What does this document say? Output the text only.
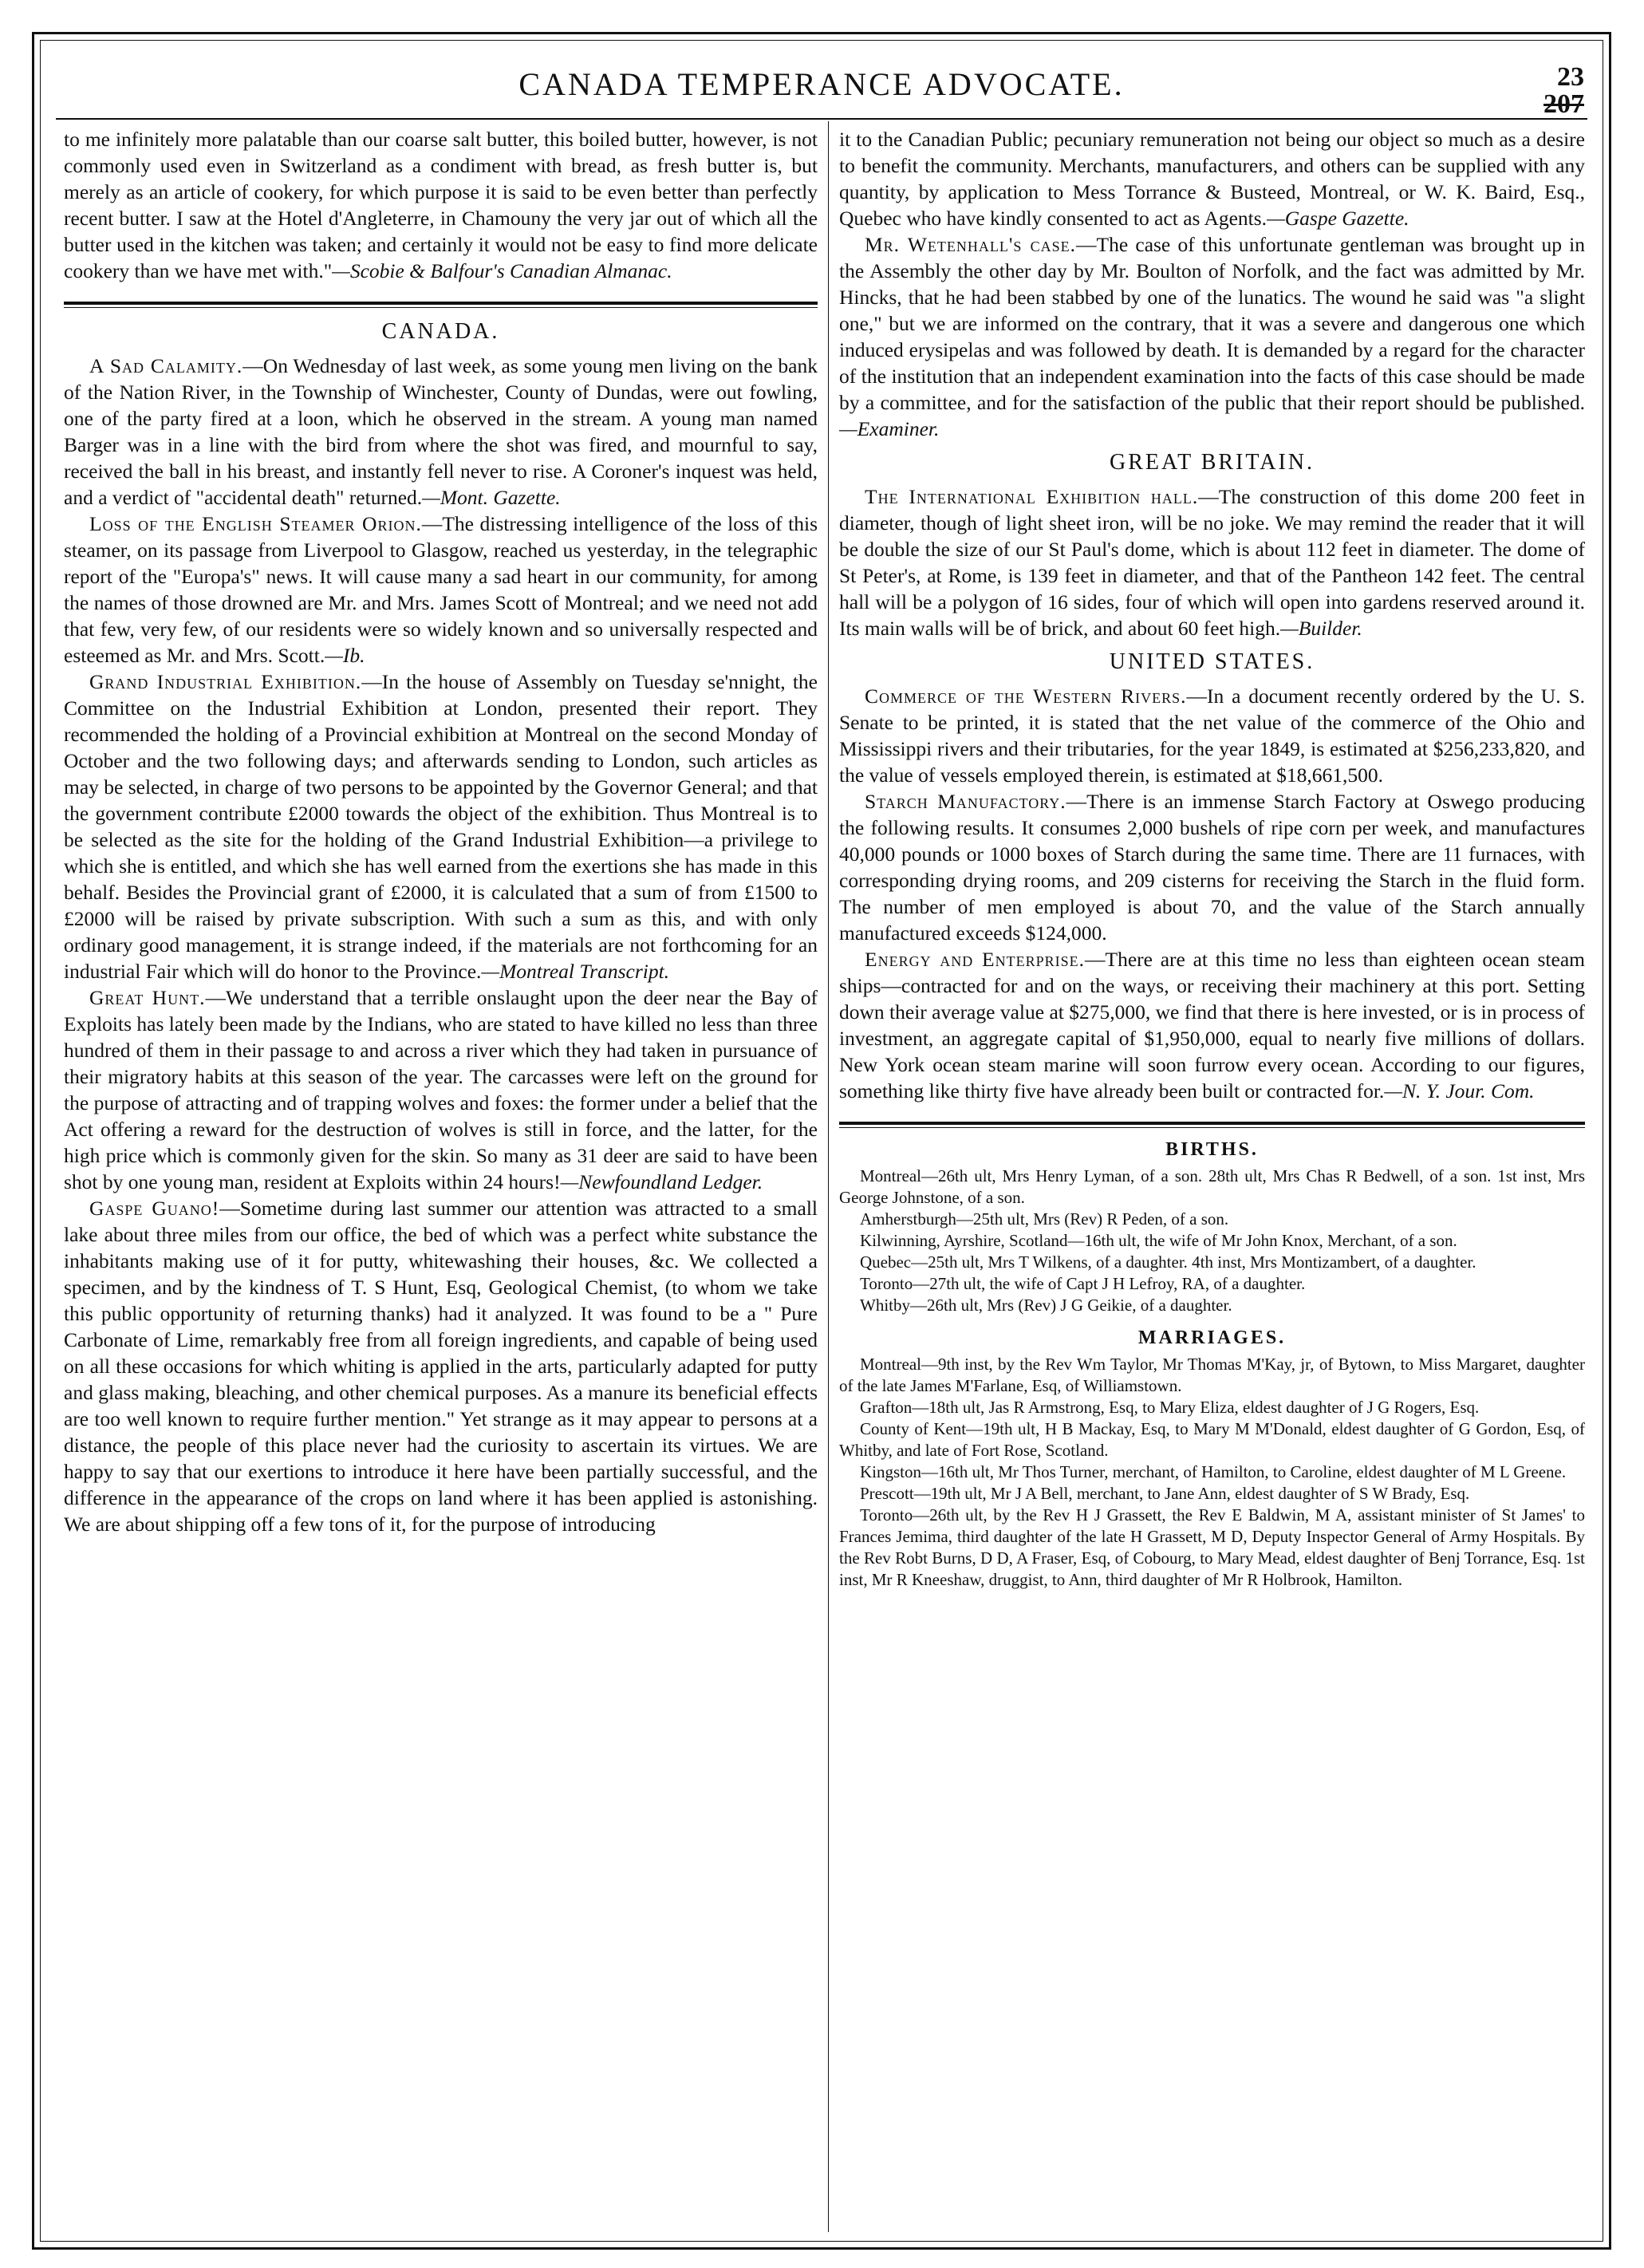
CANADA TEMPERANCE ADVOCATE.	23
207

to me infinitely more palatable than our coarse salt butter, this boiled butter, however, is not commonly used even in Switzerland as a condiment with bread, as fresh butter is, but merely as an article of cookery, for which purpose it is said to be even better than perfectly recent butter. I saw at the Hotel d'Angleterre, in Chamouny the very jar out of which all the butter used in the kitchen was taken; and certainly it would not be easy to find more delicate cookery than we have met with."—Scobie & Balfour's Canadian Almanac.

CANADA.

A Sad Calamity.—On Wednesday of last week, as some young men living on the bank of the Nation River, in the Township of Winchester, County of Dundas, were out fowling, one of the party fired at a loon, which he observed in the stream. A young man named Barger was in a line with the bird from where the shot was fired, and mournful to say, received the ball in his breast, and instantly fell never to rise. A Coroner's inquest was held, and a verdict of "accidental death" returned.—Mont. Gazette.

Loss of the English Steamer Orion.—The distressing intelligence of the loss of this steamer, on its passage from Liverpool to Glasgow, reached us yesterday, in the telegraphic report of the "Europa's" news. It will cause many a sad heart in our community, for among the names of those drowned are Mr. and Mrs. James Scott of Montreal; and we need not add that few, very few, of our residents were so widely known and so universally respected and esteemed as Mr. and Mrs. Scott.—Ib.

Grand Industrial Exhibition.—In the house of Assembly on Tuesday se'nnight, the Committee on the Industrial Exhibition at London, presented their report. They recommended the holding of a Provincial exhibition at Montreal on the second Monday of October and the two following days; and afterwards sending to London, such articles as may be selected, in charge of two persons to be appointed by the Governor General; and that the government contribute £2000 towards the object of the exhibition. Thus Montreal is to be selected as the site for the holding of the Grand Industrial Exhibition—a privilege to which she is entitled, and which she has well earned from the exertions she has made in this behalf. Besides the Provincial grant of £2000, it is calculated that a sum of from £1500 to £2000 will be raised by private subscription. With such a sum as this, and with only ordinary good management, it is strange indeed, if the materials are not forthcoming for an industrial Fair which will do honor to the Province.—Montreal Transcript.

Great Hunt.—We understand that a terrible onslaught upon the deer near the Bay of Exploits has lately been made by the Indians, who are stated to have killed no less than three hundred of them in their passage to and across a river which they had taken in pursuance of their migratory habits at this season of the year. The carcasses were left on the ground for the purpose of attracting and of trapping wolves and foxes: the former under a belief that the Act offering a reward for the destruction of wolves is still in force, and the latter, for the high price which is commonly given for the skin. So many as 31 deer are said to have been shot by one young man, resident at Exploits within 24 hours!—Newfoundland Ledger.

Gaspe Guano!—Sometime during last summer our attention was attracted to a small lake about three miles from our office, the bed of which was a perfect white substance the inhabitants making use of it for putty, whitewashing their houses, &c. We collected a specimen, and by the kindness of T. S Hunt, Esq, Geological Chemist, (to whom we take this public opportunity of returning thanks) had it analyzed. It was found to be a " Pure Carbonate of Lime, remarkably free from all foreign ingredients, and capable of being used on all these occasions for which whiting is applied in the arts, particularly adapted for putty and glass making, bleaching, and other chemical purposes. As a manure its beneficial effects are too well known to require further mention." Yet strange as it may appear to persons at a distance, the people of this place never had the curiosity to ascertain its virtues. We are happy to say that our exertions to introduce it here have been partially successful, and the difference in the appearance of the crops on land where it has been applied is astonishing. We are about shipping off a few tons of it, for the purpose of introducing

it to the Canadian Public; pecuniary remuneration not being our object so much as a desire to benefit the community. Merchants, manufacturers, and others can be supplied with any quantity, by application to Mess Torrance & Busteed, Montreal, or W. K. Baird, Esq., Quebec who have kindly consented to act as Agents.—Gaspe Gazette.

Mr. Wetenhall's case.—The case of this unfortunate gentleman was brought up in the Assembly the other day by Mr. Boulton of Norfolk, and the fact was admitted by Mr. Hincks, that he had been stabbed by one of the lunatics. The wound he said was "a slight one," but we are informed on the contrary, that it was a severe and dangerous one which induced erysipelas and was followed by death. It is demanded by a regard for the character of the institution that an independent examination into the facts of this case should be made by a committee, and for the satisfaction of the public that their report should be published.—Examiner.

GREAT BRITAIN.

The International Exhibition hall.—The construction of this dome 200 feet in diameter, though of light sheet iron, will be no joke. We may remind the reader that it will be double the size of our St Paul's dome, which is about 112 feet in diameter. The dome of St Peter's, at Rome, is 139 feet in diameter, and that of the Pantheon 142 feet. The central hall will be a polygon of 16 sides, four of which will open into gardens reserved around it. Its main walls will be of brick, and about 60 feet high.—Builder.

UNITED STATES.

Commerce of the Western Rivers.—In a document recently ordered by the U. S. Senate to be printed, it is stated that the net value of the commerce of the Ohio and Mississippi rivers and their tributaries, for the year 1849, is estimated at $256,233,820, and the value of vessels employed therein, is estimated at $18,661,500.

Starch Manufactory.—There is an immense Starch Factory at Oswego producing the following results. It consumes 2,000 bushels of ripe corn per week, and manufactures 40,000 pounds or 1000 boxes of Starch during the same time. There are 11 furnaces, with corresponding drying rooms, and 209 cisterns for receiving the Starch in the fluid form. The number of men employed is about 70, and the value of the Starch annually manufactured exceeds $124,000.

Energy and Enterprise.—There are at this time no less than eighteen ocean steam ships—contracted for and on the ways, or receiving their machinery at this port. Setting down their average value at $275,000, we find that there is here invested, or is in process of investment, an aggregate capital of $1,950,000, equal to nearly five millions of dollars. New York ocean steam marine will soon furrow every ocean. According to our figures, something like thirty five have already been built or contracted for.—N. Y. Jour. Com.

BIRTHS.

Montreal—26th ult, Mrs Henry Lyman, of a son. 28th ult, Mrs Chas R Bedwell, of a son. 1st inst, Mrs George Johnstone, of a son.

Amherstburgh—25th ult, Mrs (Rev) R Peden, of a son.

Kilwinning, Ayrshire, Scotland—16th ult, the wife of Mr John Knox, Merchant, of a son.

Quebec—25th ult, Mrs T Wilkens, of a daughter. 4th inst, Mrs Montizambert, of a daughter.

Toronto—27th ult, the wife of Capt J H Lefroy, RA, of a daughter.

Whitby—26th ult, Mrs (Rev) J G Geikie, of a daughter.

MARRIAGES.

Montreal—9th inst, by the Rev Wm Taylor, Mr Thomas M'Kay, jr, of Bytown, to Miss Margaret, daughter of the late James M'Farlane, Esq, of Williamstown.

Grafton—18th ult, Jas R Armstrong, Esq, to Mary Eliza, eldest daughter of J G Rogers, Esq.

County of Kent—19th ult, H B Mackay, Esq, to Mary M M'Donald, eldest daughter of G Gordon, Esq, of Whitby, and late of Fort Rose, Scotland.

Kingston—16th ult, Mr Thos Turner, merchant, of Hamilton, to Caroline, eldest daughter of M L Greene.

Prescott—19th ult, Mr J A Bell, merchant, to Jane Ann, eldest daughter of S W Brady, Esq.

Toronto—26th ult, by the Rev H J Grassett, the Rev E Baldwin, M A, assistant minister of St James' to Frances Jemima, third daughter of the late H Grassett, M D, Deputy Inspector General of Army Hospitals. By the Rev Robt Burns, D D, A Fraser, Esq, of Cobourg, to Mary Mead, eldest daughter of Benj Torrance, Esq. 1st inst, Mr R Kneeshaw, druggist, to Ann, third daughter of Mr R Holbrook, Hamilton.
